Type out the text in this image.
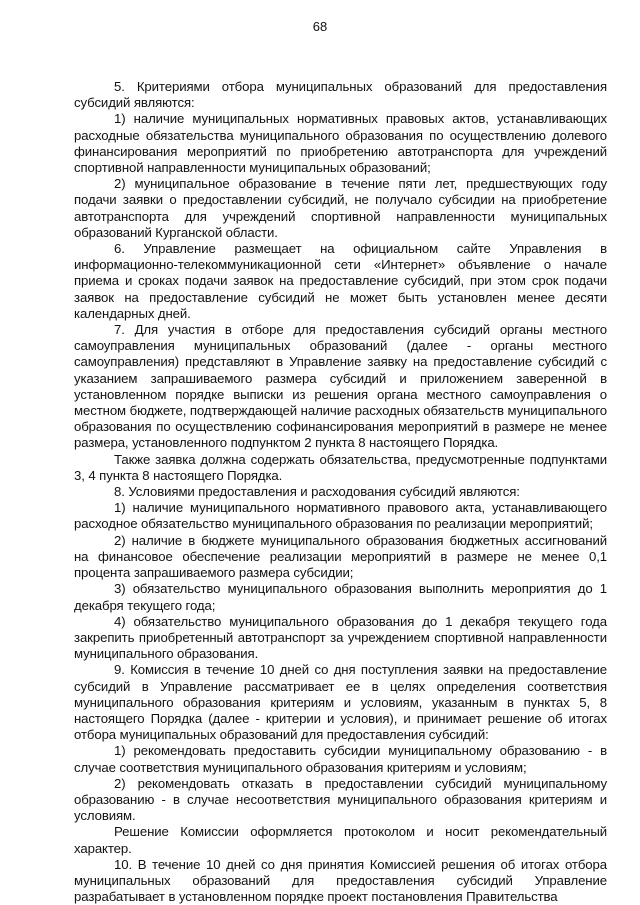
68

5. Критериями отбора муниципальных образований для предоставления субсидий являются:

1) наличие муниципальных нормативных правовых актов, устанавливающих расходные обязательства муниципального образования по осуществлению долевого финансирования мероприятий по приобретению автотранспорта для учреждений спортивной направленности муниципальных образований;

2) муниципальное образование в течение пяти лет, предшествующих году подачи заявки о предоставлении субсидий, не получало субсидии на приобретение автотранспорта для учреждений спортивной направленности муниципальных образований Курганской области.

6. Управление размещает на официальном сайте Управления в информационно-телекоммуникационной сети «Интернет» объявление о начале приема и сроках подачи заявок на предоставление субсидий, при этом срок подачи заявок на предоставление субсидий не может быть установлен менее десяти календарных дней.

7. Для участия в отборе для предоставления субсидий органы местного самоуправления муниципальных образований (далее - органы местного самоуправления) представляют в Управление заявку на предоставление субсидий с указанием запрашиваемого размера субсидий и приложением заверенной в установленном порядке выписки из решения органа местного самоуправления о местном бюджете, подтверждающей наличие расходных обязательств муниципального образования по осуществлению софинансирования мероприятий в размере не менее размера, установленного подпунктом 2 пункта 8 настоящего Порядка.

Также заявка должна содержать обязательства, предусмотренные подпунктами 3, 4 пункта 8 настоящего Порядка.

8. Условиями предоставления и расходования субсидий являются:

1) наличие муниципального нормативного правового акта, устанавливающего расходное обязательство муниципального образования по реализации мероприятий;

2) наличие в бюджете муниципального образования бюджетных ассигнований на финансовое обеспечение реализации мероприятий в размере не менее 0,1 процента запрашиваемого размера субсидии;

3) обязательство муниципального образования выполнить мероприятия до 1 декабря текущего года;

4) обязательство муниципального образования до 1 декабря текущего года закрепить приобретенный автотранспорт за учреждением спортивной направленности муниципального образования.

9. Комиссия в течение 10 дней со дня поступления заявки на предоставление субсидий в Управление рассматривает ее в целях определения соответствия муниципального образования критериям и условиям, указанным в пунктах 5, 8 настоящего Порядка (далее - критерии и условия), и принимает решение об итогах отбора муниципальных образований для предоставления субсидий:

1) рекомендовать предоставить субсидии муниципальному образованию - в случае соответствия муниципального образования критериям и условиям;

2) рекомендовать отказать в предоставлении субсидий муниципальному образованию - в случае несоответствия муниципального образования критериям и условиям.

Решение Комиссии оформляется протоколом и носит рекомендательный характер.

10. В течение 10 дней со дня принятия Комиссией решения об итогах отбора муниципальных образований для предоставления субсидий Управление разрабатывает в установленном порядке проект постановления Правительства
